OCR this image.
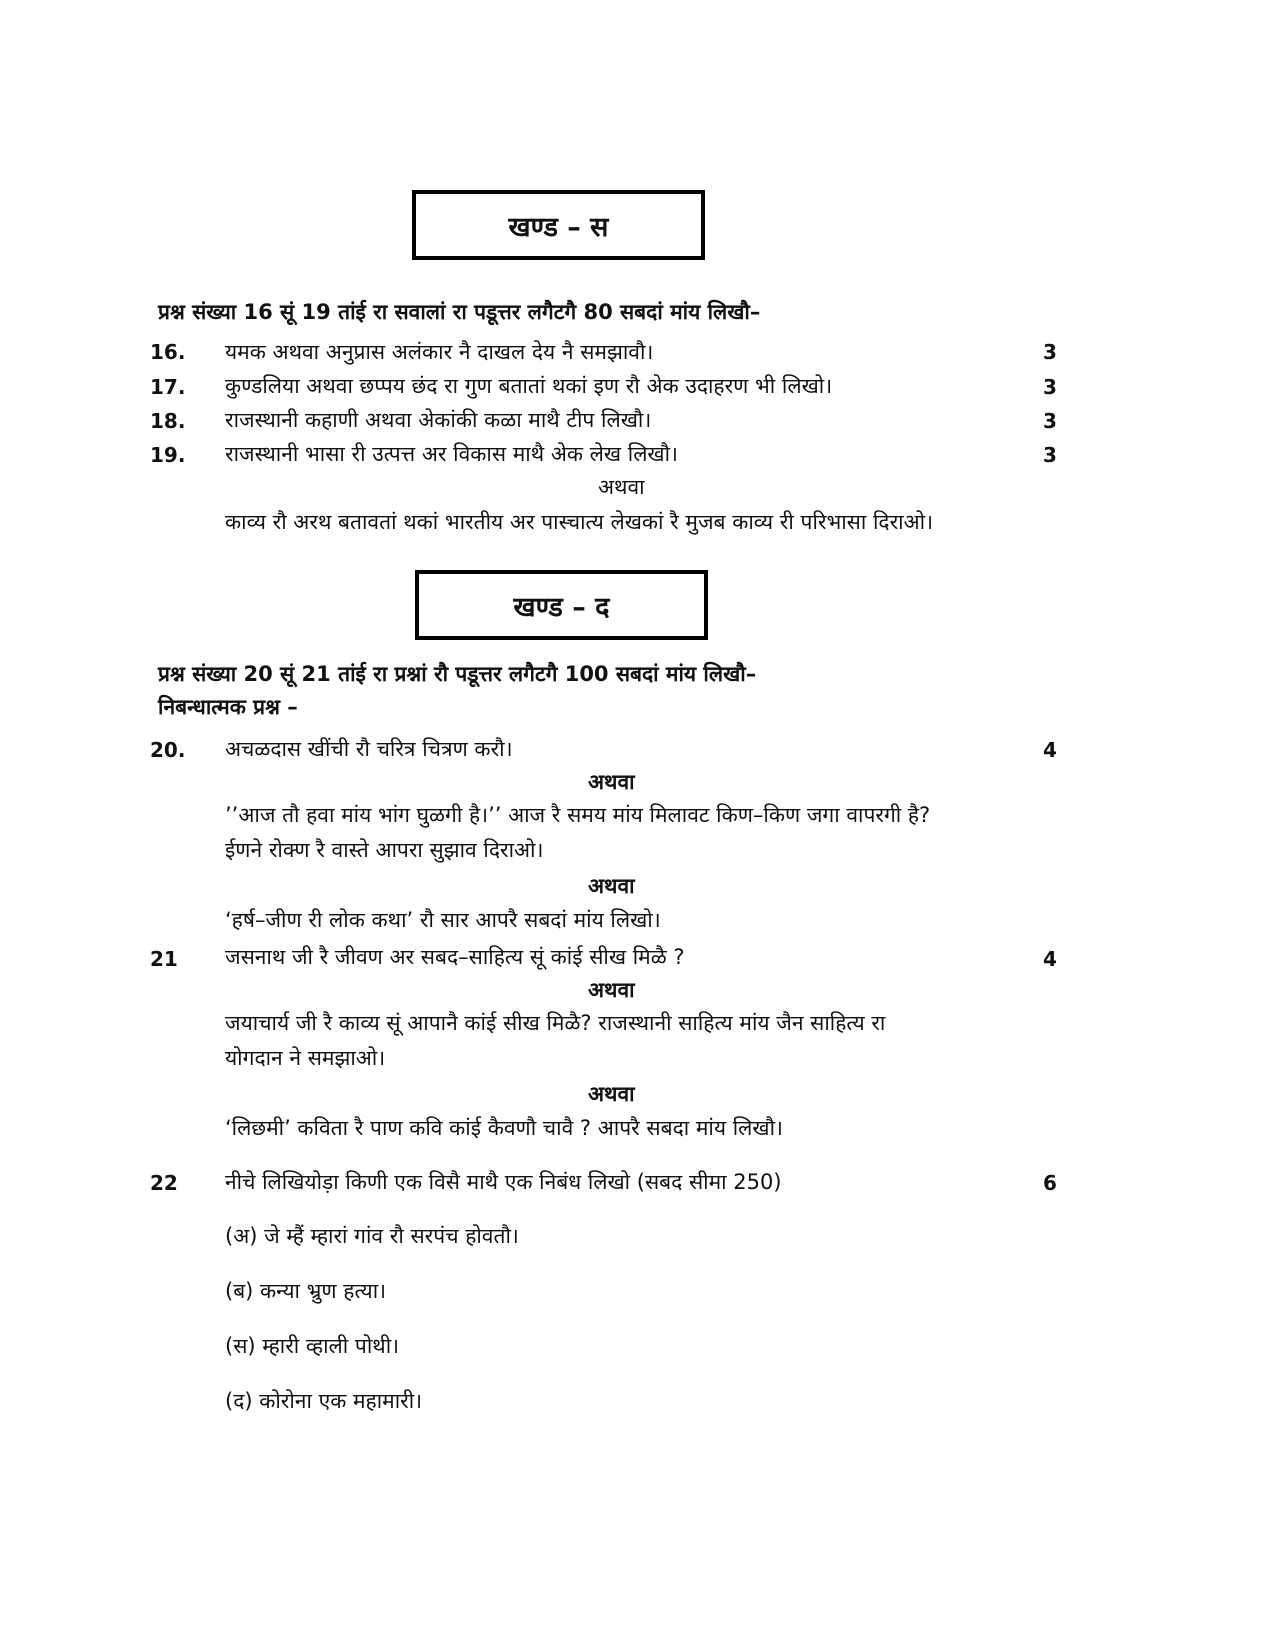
खण्ड – स
प्रश्न संख्या 16 सूं 19 तांई रा सवालां रा पडूत्तर लगैटगै 80 सबदां मांय लिखौ–
16. यमक अथवा अनुप्रास अलंकार नै दाखल देय नै समझावौ।	3
17. कुण्डलिया अथवा छप्पय छंद रा गुण बतातां थकां इण रौ अेक उदाहरण भी लिखो।	3
18. राजस्थानी कहाणी अथवा अेकांकी कळा माथै टीप लिखौ।	3
19. राजस्थानी भासा री उत्पत्त अर विकास माथै अेक लेख लिखौ।	3
अथवा
काव्य रौ अरथ बतावतां थकां भारतीय अर पास्चात्य लेखकां रै मुजब काव्य री परिभासा दिराओ।
खण्ड – द
प्रश्न संख्या 20 सूं 21 तांई रा प्रश्नां रौ पडूत्तर लगैटगै 100 सबदां मांय लिखौ–
निबन्धात्मक प्रश्न –
20. अचळदास खींची रौ चरित्र चित्रण करौ।	4
अथवा
’’आज तौ हवा मांय भांग घुळगी है।’’ आज रै समय मांय मिलावट किण–किण जगा वापरगी है?
ईणने रोक्ण रै वास्ते आपरा सुझाव दिराओ।
अथवा
‘हर्ष–जीण री लोक कथा’ रौ सार आपरै सबदां मांय लिखो।
21 जसनाथ जी रै जीवण अर सबद–साहित्य सूं कांई सीख मिळै ?	4
अथवा
जयाचार्य जी रै काव्य सूं आपानै कांई सीख मिळै? राजस्थानी साहित्य मांय जैन साहित्य रा
योगदान ने समझाओ।
अथवा
‘लिछमी’ कविता रै पाण कवि कांई कैवणौ चावै ? आपरै सबदा मांय लिखौ।
22 नीचे लिखियोड़ा किणी एक विसै माथै एक निबंध लिखो (सबद सीमा 250)	6
(अ) जे म्हैं म्हारां गांव रौ सरपंच होवतौ।
(ब) कन्या भ्रुण हत्या।
(स) म्हारी व्हाली पोथी।
(द) कोरोना एक महामारी।
